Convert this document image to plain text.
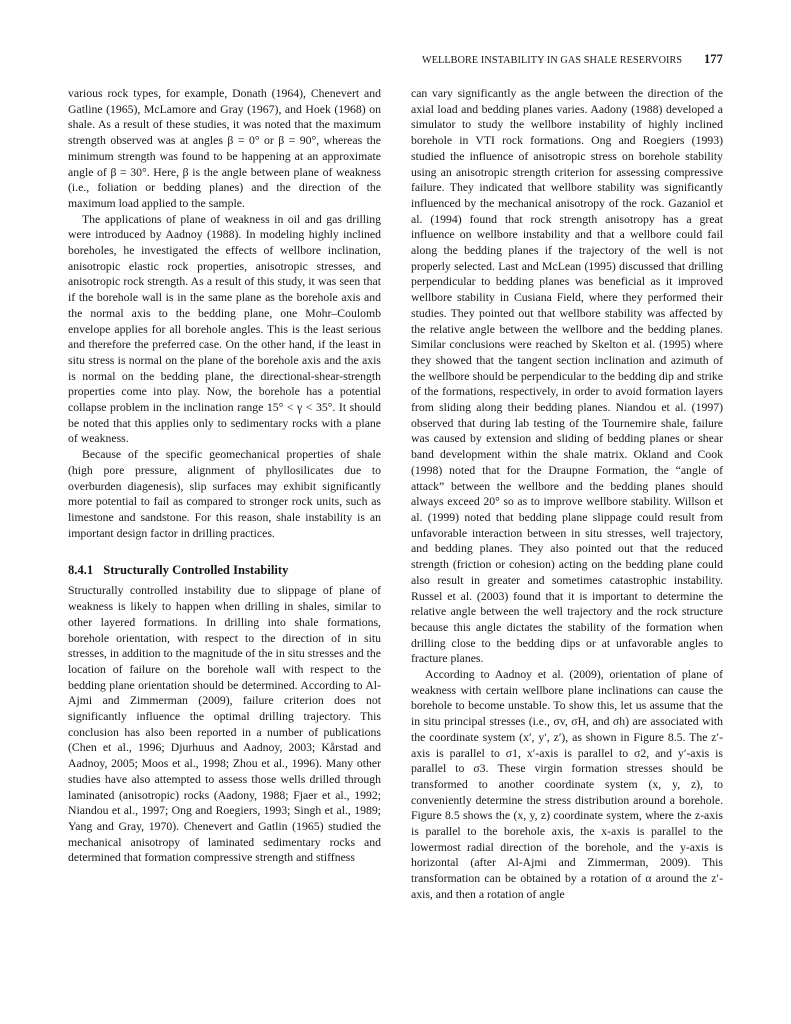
WELLBORE INSTABILITY IN GAS SHALE RESERVOIRS 177

various rock types, for example, Donath (1964), Chenevert and Gatline (1965), McLamore and Gray (1967), and Hoek (1968) on shale. As a result of these studies, it was noted that the maximum strength observed was at angles β = 0° or β = 90°, whereas the minimum strength was found to be happening at an approximate angle of β = 30°. Here, β is the angle between plane of weakness (i.e., foliation or bedding planes) and the direction of the maximum load applied to the sample.

The applications of plane of weakness in oil and gas drilling were introduced by Aadnoy (1988). In modeling highly inclined boreholes, he investigated the effects of wellbore inclination, anisotropic elastic rock properties, anisotropic stresses, and anisotropic rock strength. As a result of this study, it was seen that if the borehole wall is in the same plane as the borehole axis and the normal axis to the bedding plane, one Mohr–Coulomb envelope applies for all borehole angles. This is the least serious and therefore the preferred case. On the other hand, if the least in situ stress is normal on the plane of the borehole axis and the axis is normal on the bedding plane, the directional-shear-strength properties come into play. Now, the borehole has a potential collapse problem in the inclination range 15° < γ < 35°. It should be noted that this applies only to sedimentary rocks with a plane of weakness.

Because of the specific geomechanical properties of shale (high pore pressure, alignment of phyllosilicates due to overburden diagenesis), slip surfaces may exhibit significantly more potential to fail as compared to stronger rock units, such as limestone and sandstone. For this reason, shale instability is an important design factor in drilling practices.

8.4.1 Structurally Controlled Instability

Structurally controlled instability due to slippage of plane of weakness is likely to happen when drilling in shales, similar to other layered formations. In drilling into shale formations, borehole orientation, with respect to the direction of in situ stresses, in addition to the magnitude of the in situ stresses and the location of failure on the borehole wall with respect to the bedding plane orientation should be determined. According to Al-Ajmi and Zimmerman (2009), failure criterion does not significantly influence the optimal drilling trajectory. This conclusion has also been reported in a number of publications (Chen et al., 1996; Djurhuus and Aadnoy, 2003; Kårstad and Aadnoy, 2005; Moos et al., 1998; Zhou et al., 1996). Many other studies have also attempted to assess those wells drilled through laminated (anisotropic) rocks (Aadony, 1988; Fjaer et al., 1992; Niandou et al., 1997; Ong and Roegiers, 1993; Singh et al., 1989; Yang and Gray, 1970). Chenevert and Gatlin (1965) studied the mechanical anisotropy of laminated sedimentary rocks and determined that formation compressive strength and stiffness

can vary significantly as the angle between the direction of the axial load and bedding planes varies. Aadony (1988) developed a simulator to study the wellbore instability of highly inclined borehole in VTI rock formations. Ong and Roegiers (1993) studied the influence of anisotropic stress on borehole stability using an anisotropic strength criterion for assessing compressive failure. They indicated that wellbore stability was significantly influenced by the mechanical anisotropy of the rock. Gazaniol et al. (1994) found that rock strength anisotropy has a great influence on wellbore instability and that a wellbore could fail along the bedding planes if the trajectory of the well is not properly selected. Last and McLean (1995) discussed that drilling perpendicular to bedding planes was beneficial as it improved wellbore stability in Cusiana Field, where they performed their studies. They pointed out that wellbore stability was affected by the relative angle between the wellbore and the bedding planes. Similar conclusions were reached by Skelton et al. (1995) where they showed that the tangent section inclination and azimuth of the wellbore should be perpendicular to the bedding dip and strike of the formations, respectively, in order to avoid formation layers from sliding along their bedding planes. Niandou et al. (1997) observed that during lab testing of the Tournemire shale, failure was caused by extension and sliding of bedding planes or shear band development within the shale matrix. Okland and Cook (1998) noted that for the Draupne Formation, the “angle of attack” between the wellbore and the bedding planes should always exceed 20° so as to improve wellbore stability. Willson et al. (1999) noted that bedding plane slippage could result from unfavorable interaction between in situ stresses, well trajectory, and bedding planes. They also pointed out that the reduced strength (friction or cohesion) acting on the bedding plane could also result in greater and sometimes catastrophic instability. Russel et al. (2003) found that it is important to determine the relative angle between the well trajectory and the rock structure because this angle dictates the stability of the formation when drilling close to the bedding dips or at unfavorable angles to fracture planes.

According to Aadnoy et al. (2009), orientation of plane of weakness with certain wellbore plane inclinations can cause the borehole to become unstable. To show this, let us assume that the in situ principal stresses (i.e., σv, σH, and σh) are associated with the coordinate system (x′, y′, z′), as shown in Figure 8.5. The z′-axis is parallel to σ1, x′-axis is parallel to σ2, and y′-axis is parallel to σ3. These virgin formation stresses should be transformed to another coordinate system (x, y, z), to conveniently determine the stress distribution around a borehole. Figure 8.5 shows the (x, y, z) coordinate system, where the z-axis is parallel to the borehole axis, the x-axis is parallel to the lowermost radial direction of the borehole, and the y-axis is horizontal (after Al-Ajmi and Zimmerman, 2009). This transformation can be obtained by a rotation of α around the z′-axis, and then a rotation of angle
